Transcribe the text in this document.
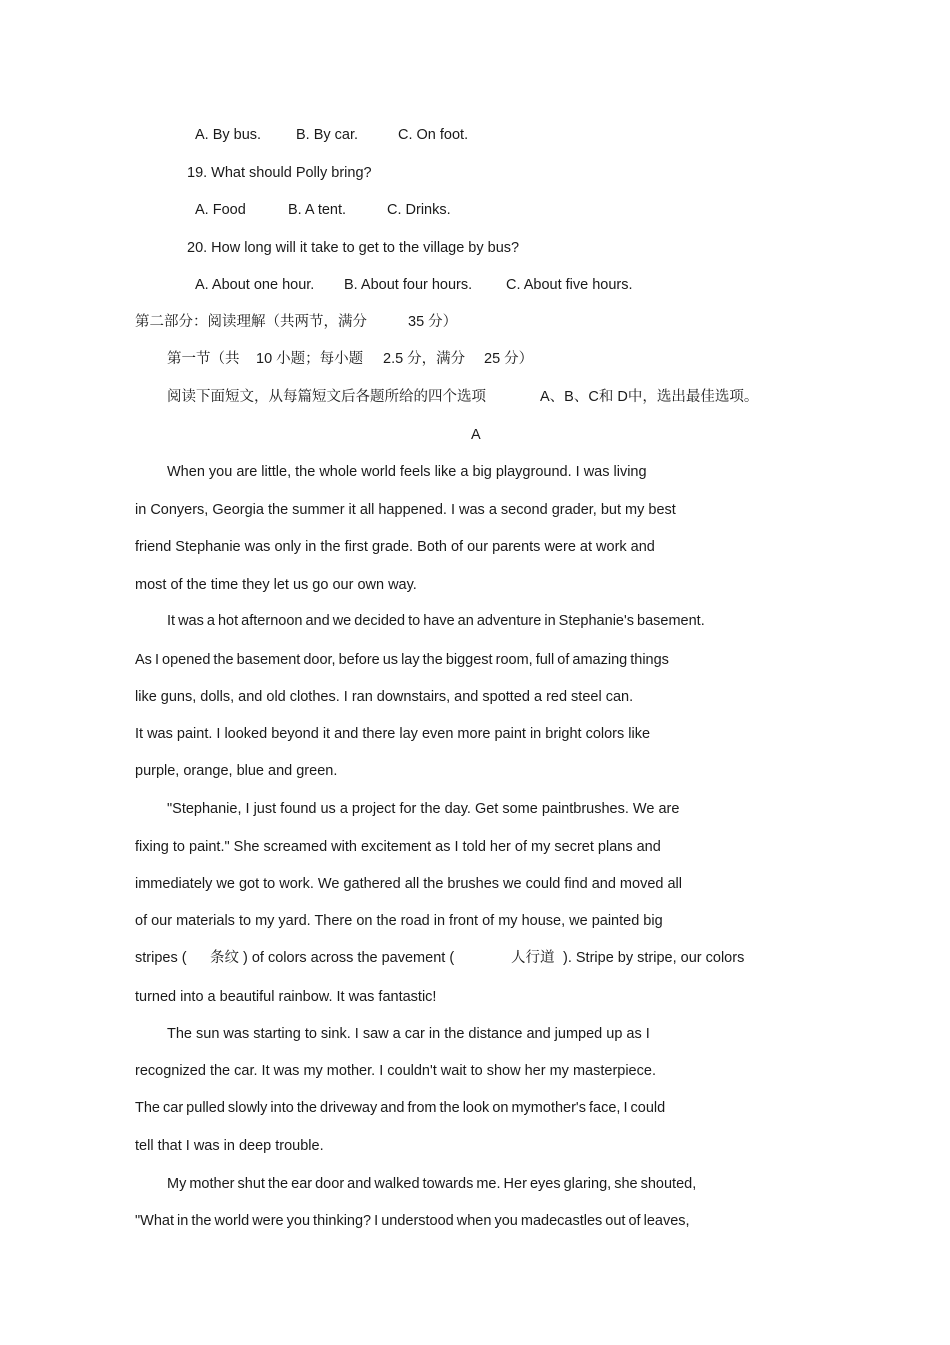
A. By bus. B. By car.	C. On foot.
19. What should Polly bring?
A. Food	B. A tent.	C. Drinks.
20. How long will it take to get to the village by bus?
A. About one hour. B. About four hours. C. About five hours.
第二部分：阅读理解（共两节，满分	35 分）
第一节（共 10 小题；每小题 2.5 分，满分 25 分）
阅读下面短文，从每篇短文后各题所给的四个选项	A、B、C和 D中，选出最佳选项。
A
When you are little, the whole world feels like a big playground. I was living
in Conyers, Georgia the summer it all happened. I was a second grader, but my best
friend Stephanie was only in the first grade. Both of our parents were at work and
most of the time they let us go our own way.
It was a hot afternoon and we decided to have an adventure in Stephanie's basement.
As I opened the basement door, before us lay the biggest room, full of amazing things
like guns, dolls, and old clothes. I ran downstairs, and spotted a red steel can.
It was paint. I looked beyond it and there lay even more paint in bright colors like
purple, orange, blue and green.
"Stephanie, I just found us a project for the day. Get some paintbrushes. We are
fixing to paint." She screamed with excitement as I told her of my secret plans and
immediately we got to work. We gathered all the brushes we could find and moved all
of our materials to my yard. There on the road in front of my house, we painted big
stripes ( 条纹 ) of colors across the pavement (	人行道 ). Stripe by stripe, our colors
turned into a beautiful rainbow. It was fantastic!
The sun was starting to sink. I saw a car in the distance and jumped up as I
recognized the car. It was my mother. I couldn't wait to show her my masterpiece.
The car pulled slowly into the driveway and from the look on mymother's face, I could
tell that I was in deep trouble.
My mother shut the ear door and walked towards me. Her eyes glaring, she shouted,
"What in the world were you thinking? I understood when you madecastles out of leaves,
